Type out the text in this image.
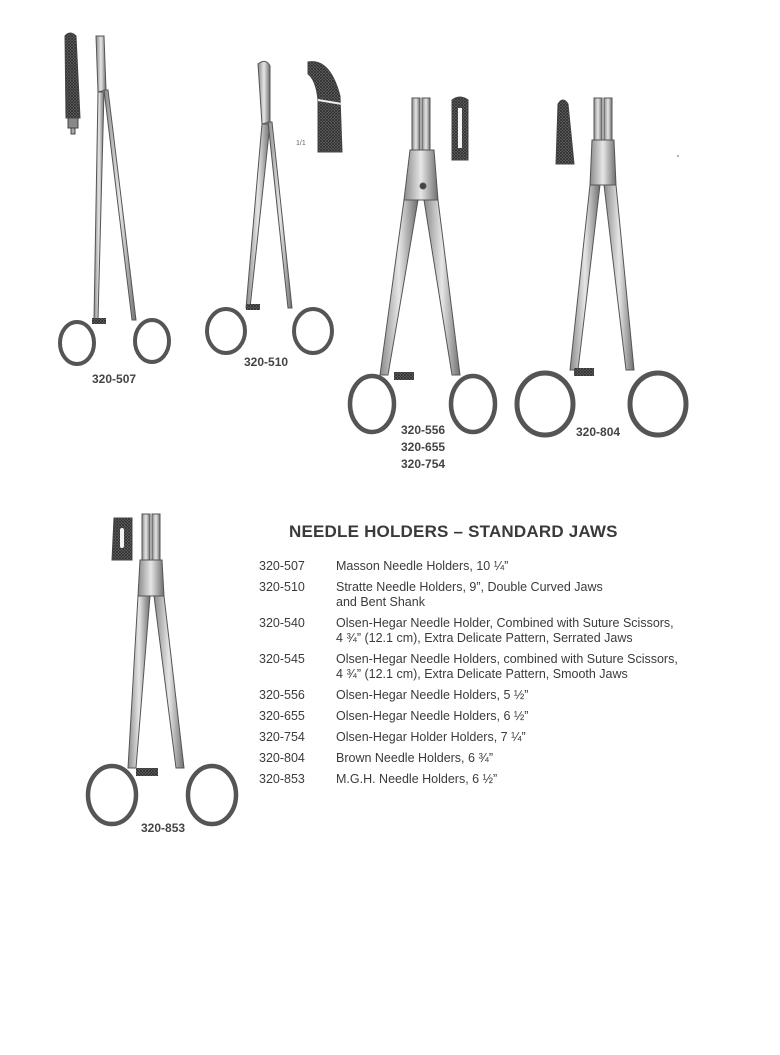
1/1
320-507
320-510
320-556
320-655
320-754
320-804
320-853
NEEDLE HOLDERS – STANDARD JAWS
320-507	Masson Needle Holders, 10 ¼”
320-510	Stratte Needle Holders, 9”, Double Curved Jaws
and Bent Shank
320-540	Olsen-Hegar Needle Holder, Combined with Suture Scissors,
4 ¾” (12.1 cm), Extra Delicate Pattern, Serrated Jaws
320-545	Olsen-Hegar Needle Holders, combined with Suture Scissors,
4 ¾” (12.1 cm), Extra Delicate Pattern, Smooth Jaws
320-556	Olsen-Hegar Needle Holders, 5 ½”
320-655	Olsen-Hegar Needle Holders, 6 ½”
320-754	Olsen-Hegar Holder Holders, 7 ¼”
320-804	Brown Needle Holders, 6 ¾”
320-853	M.G.H. Needle Holders, 6 ½”
